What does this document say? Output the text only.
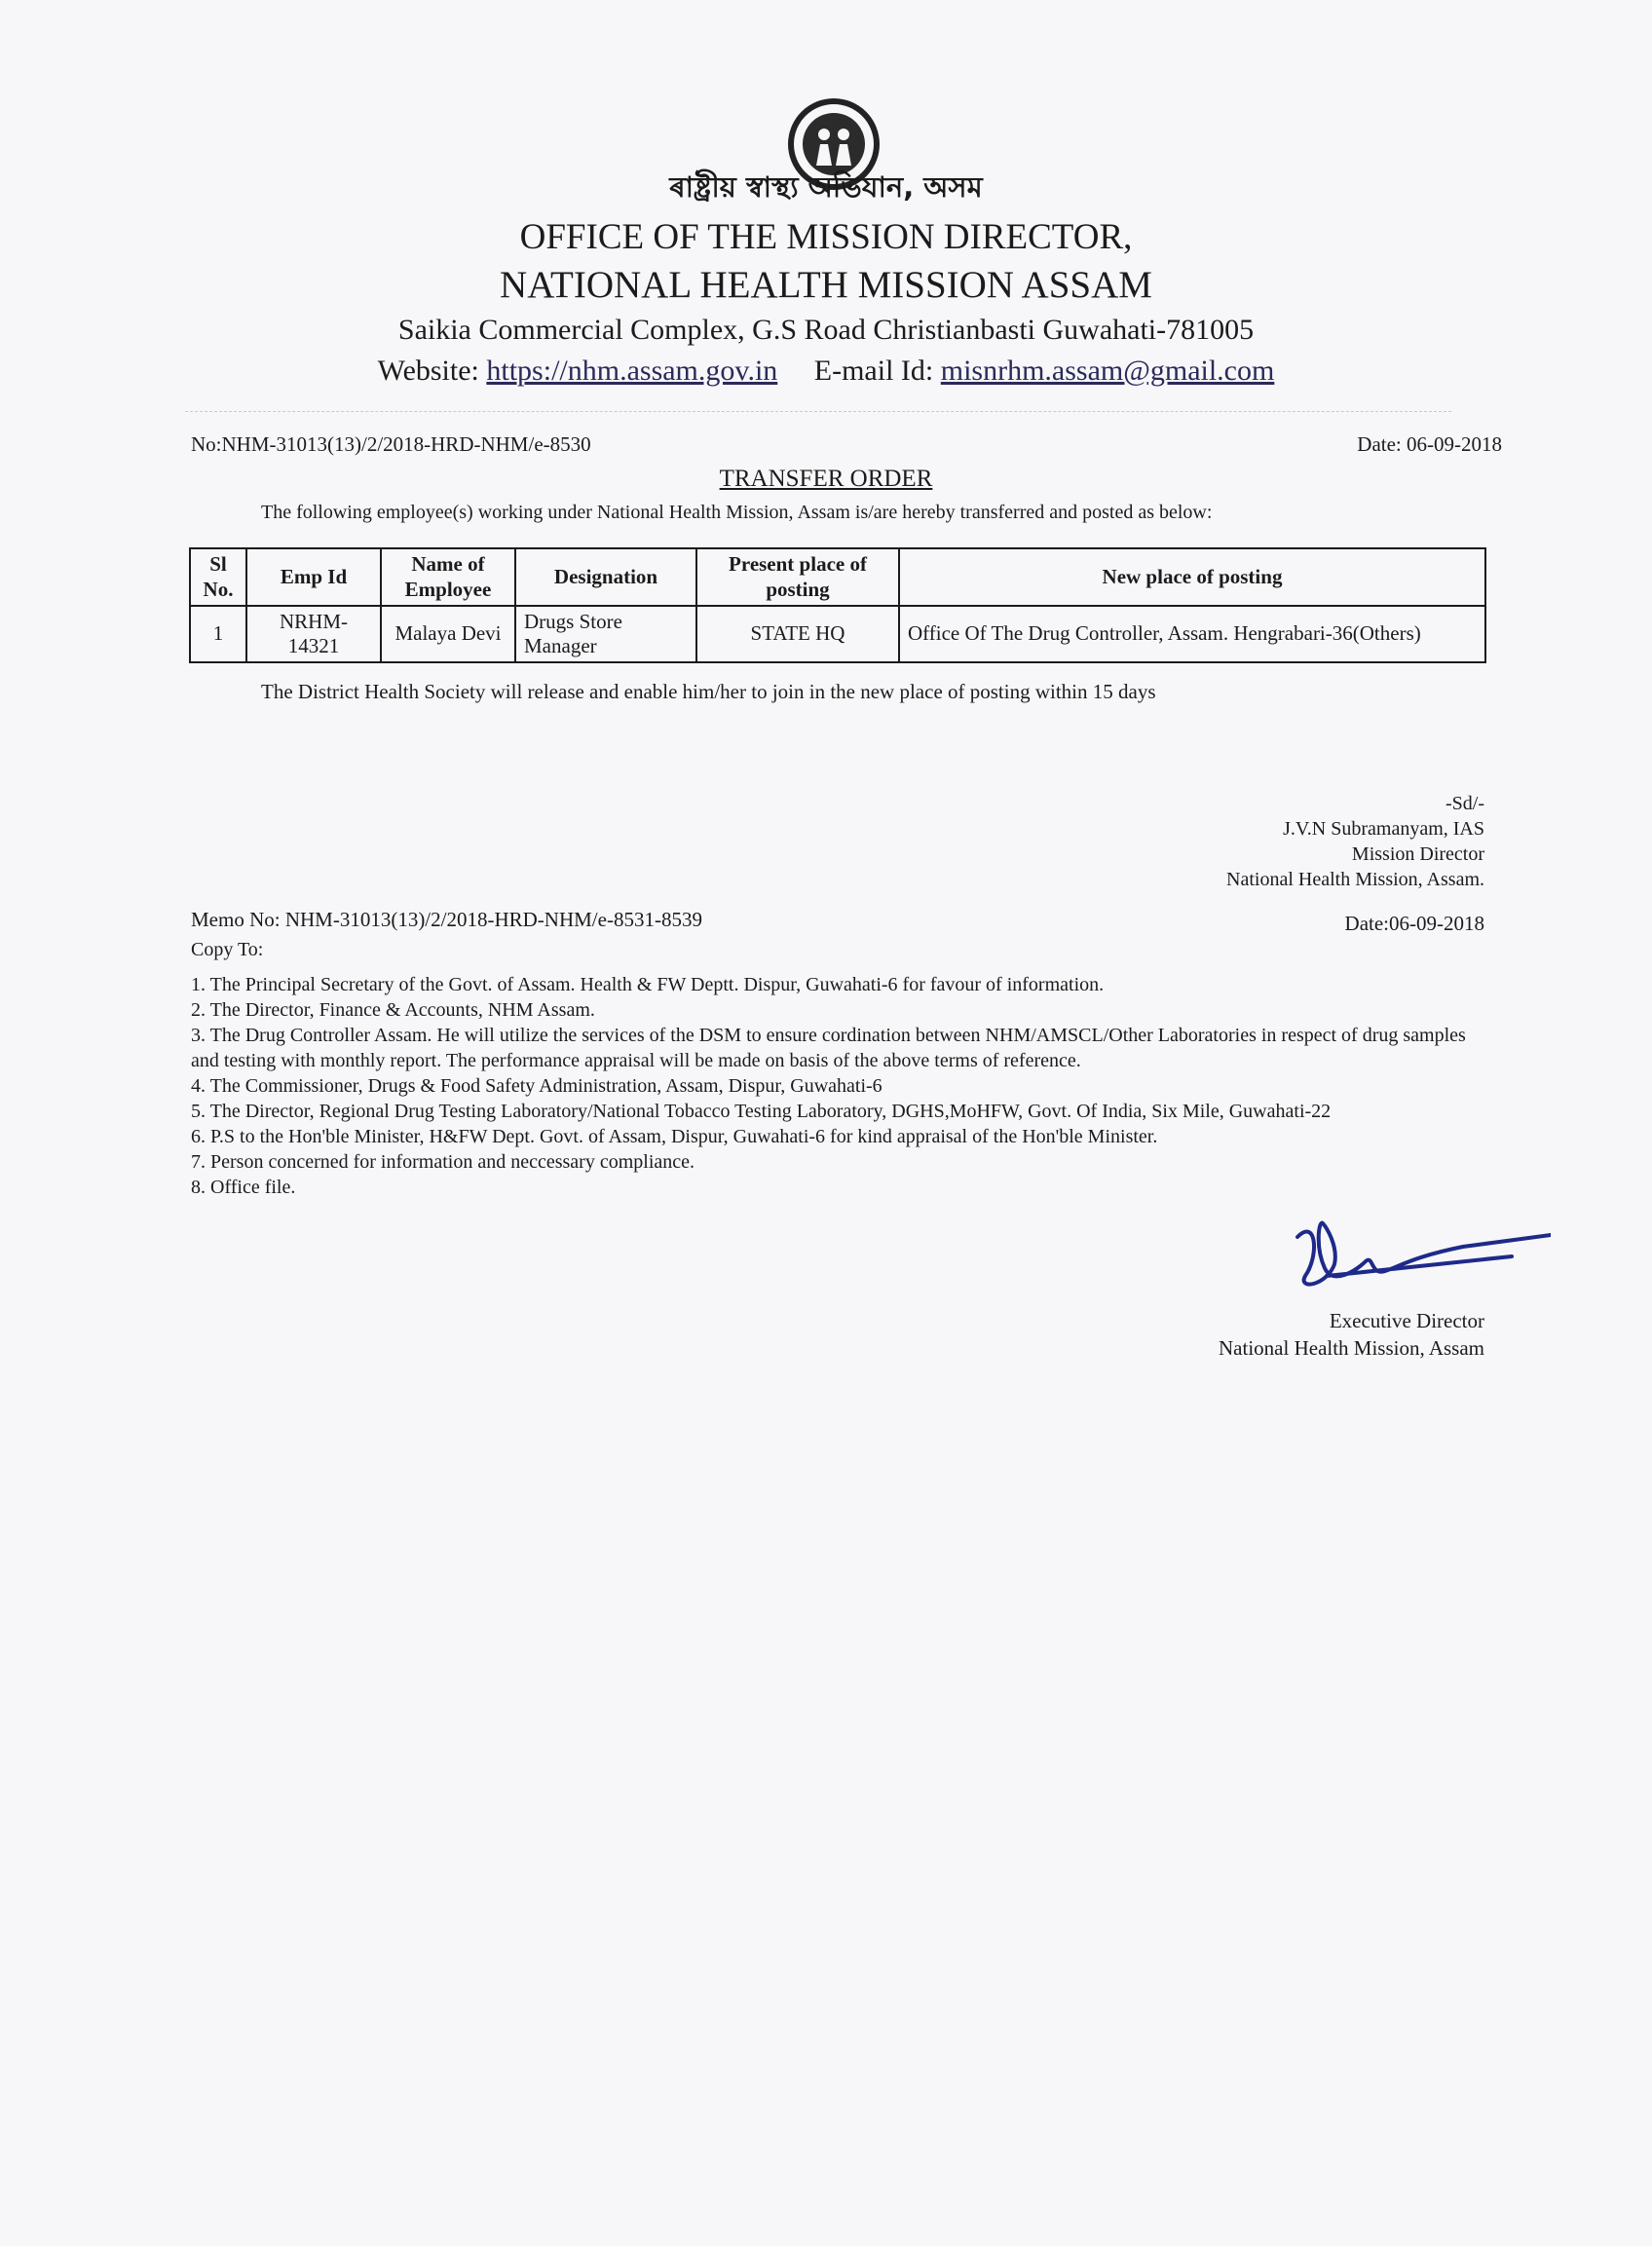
ৰাষ্ট্ৰীয় স্বাস্থ্য অভিযান, অসম
OFFICE OF THE MISSION DIRECTOR,
NATIONAL HEALTH MISSION ASSAM
Saikia Commercial Complex, G.S Road Christianbasti Guwahati-781005
Website: https://nhm.assam.gov.in E-mail Id: misnrhm.assam@gmail.com
No:NHM-31013(13)/2/2018-HRD-NHM/e-8530	Date: 06-09-2018
TRANSFER ORDER
The following employee(s) working under National Health Mission, Assam is/are hereby transferred and posted as below:
Sl No.	Emp Id	Name of Employee	Designation	Present place of posting	New place of posting
1	NRHM-14321	Malaya Devi	Drugs Store Manager	STATE HQ	Office Of The Drug Controller, Assam. Hengrabari-36(Others)
The District Health Society will release and enable him/her to join in the new place of posting within 15 days
-Sd/-
J.V.N Subramanyam, IAS
Mission Director
National Health Mission, Assam.
Memo No: NHM-31013(13)/2/2018-HRD-NHM/e-8531-8539	Date:06-09-2018
Copy To:
1. The Principal Secretary of the Govt. of Assam. Health & FW Deptt. Dispur, Guwahati-6 for favour of information.
2. The Director, Finance & Accounts, NHM Assam.
3. The Drug Controller Assam. He will utilize the services of the DSM to ensure cordination between NHM/AMSCL/Other Laboratories in respect of drug samples and testing with monthly report. The performance appraisal will be made on basis of the above terms of reference.
4. The Commissioner, Drugs & Food Safety Administration, Assam, Dispur, Guwahati-6
5. The Director, Regional Drug Testing Laboratory/National Tobacco Testing Laboratory, DGHS,MoHFW, Govt. Of India, Six Mile, Guwahati-22
6. P.S to the Hon'ble Minister, H&FW Dept. Govt. of Assam, Dispur, Guwahati-6 for kind appraisal of the Hon'ble Minister.
7. Person concerned for information and neccessary compliance.
8. Office file.
Executive Director
National Health Mission, Assam
